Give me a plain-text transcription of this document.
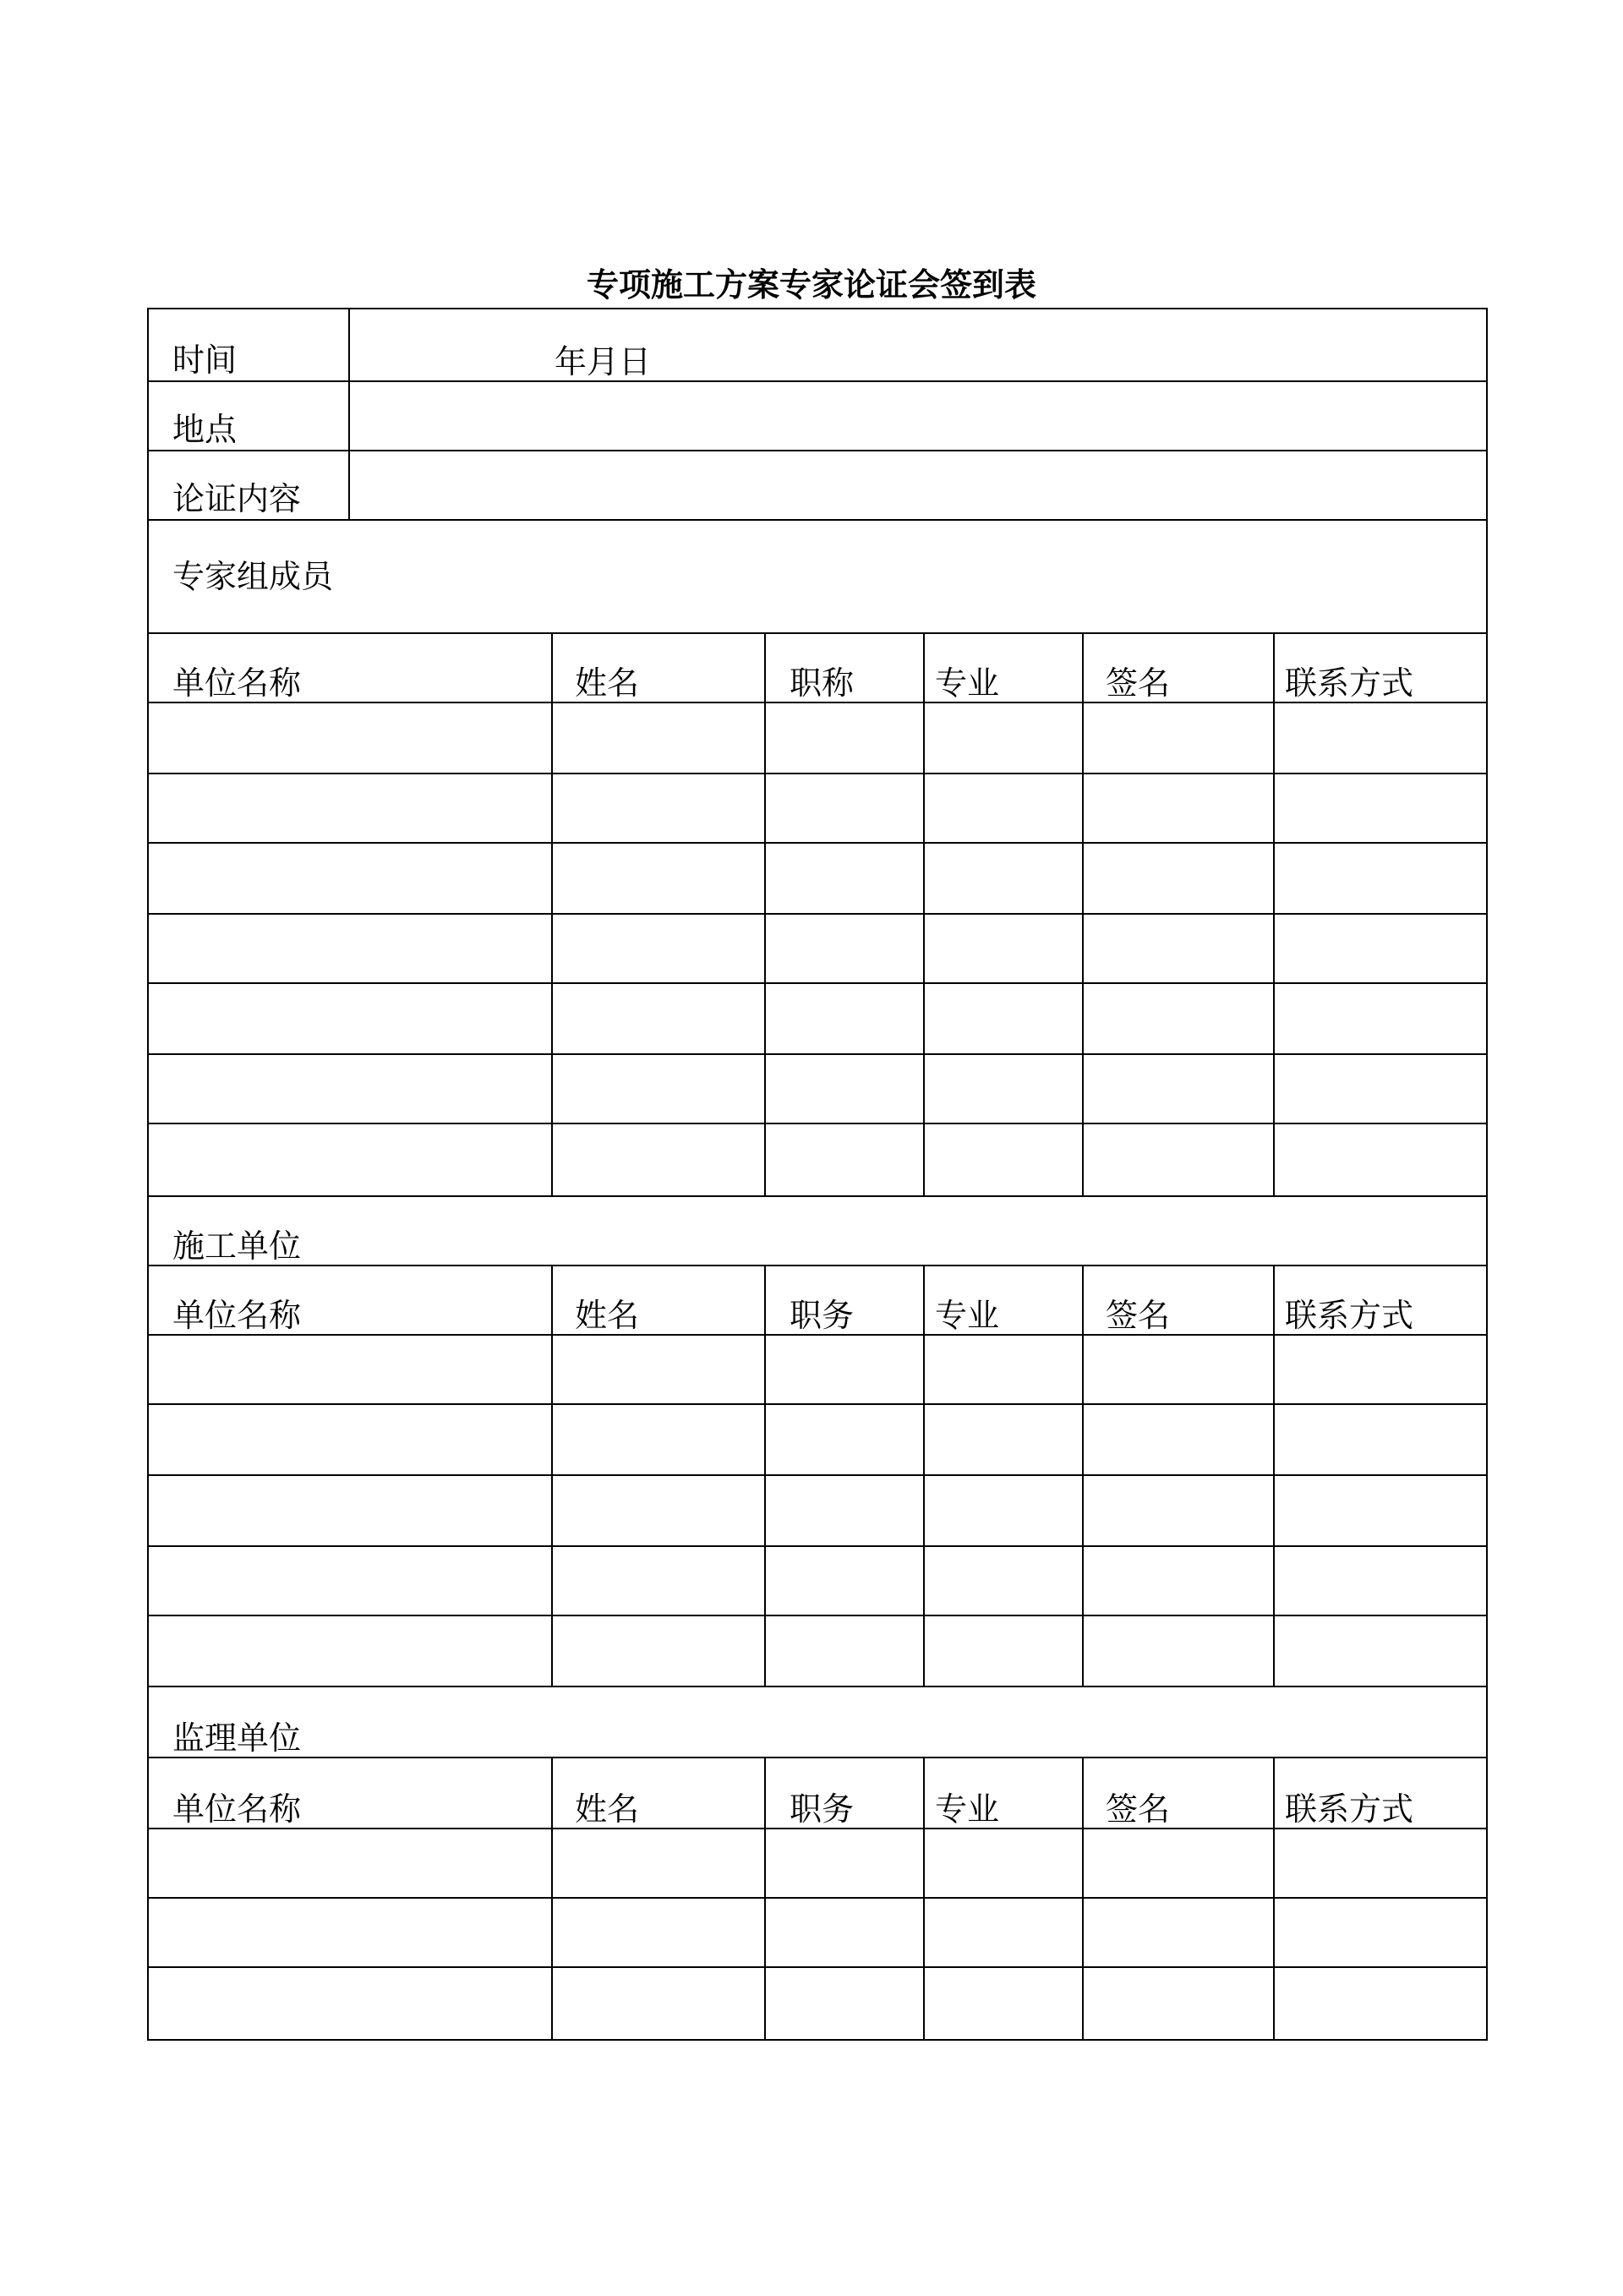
专项施工方案专家论证会签到表
时间	年月日					
地点						
论证内容						
专家组成员						
单位名称		姓名	职称	专业	签名	联系方式

施工单位						
单位名称		姓名	职务	专业	签名	联系方式

监理单位						
单位名称		姓名	职务	专业	签名	联系方式
